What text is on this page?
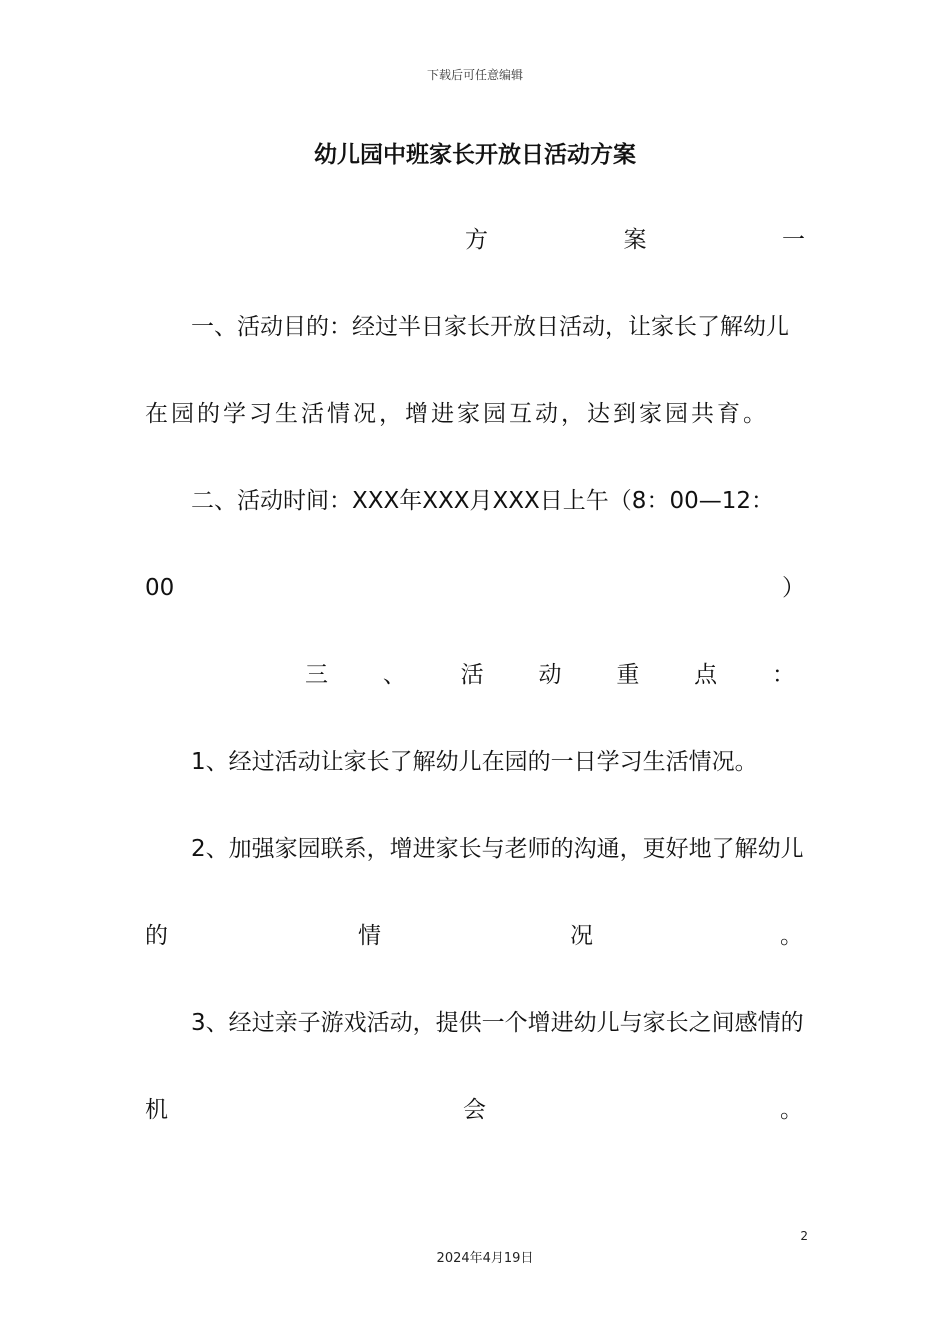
下载后可任意编辑
幼儿园中班家长开放日活动方案
方	案	一
一、活动目的：经过半日家长开放日活动，让家长了解幼儿
在园的学习生活情况，增进家园互动，达到家园共育。
二、活动时间：XXX年XXX月XXX日上午（8：00—12：
00	）
三 、 活 动 重 点 ：
1、经过活动让家长了解幼儿在园的一日学习生活情况。
2、加强家园联系，增进家长与老师的沟通，更好地了解幼儿
的	情	况	。
3、经过亲子游戏活动，提供一个增进幼儿与家长之间感情的
机	会	。
2
2024年4月19日
